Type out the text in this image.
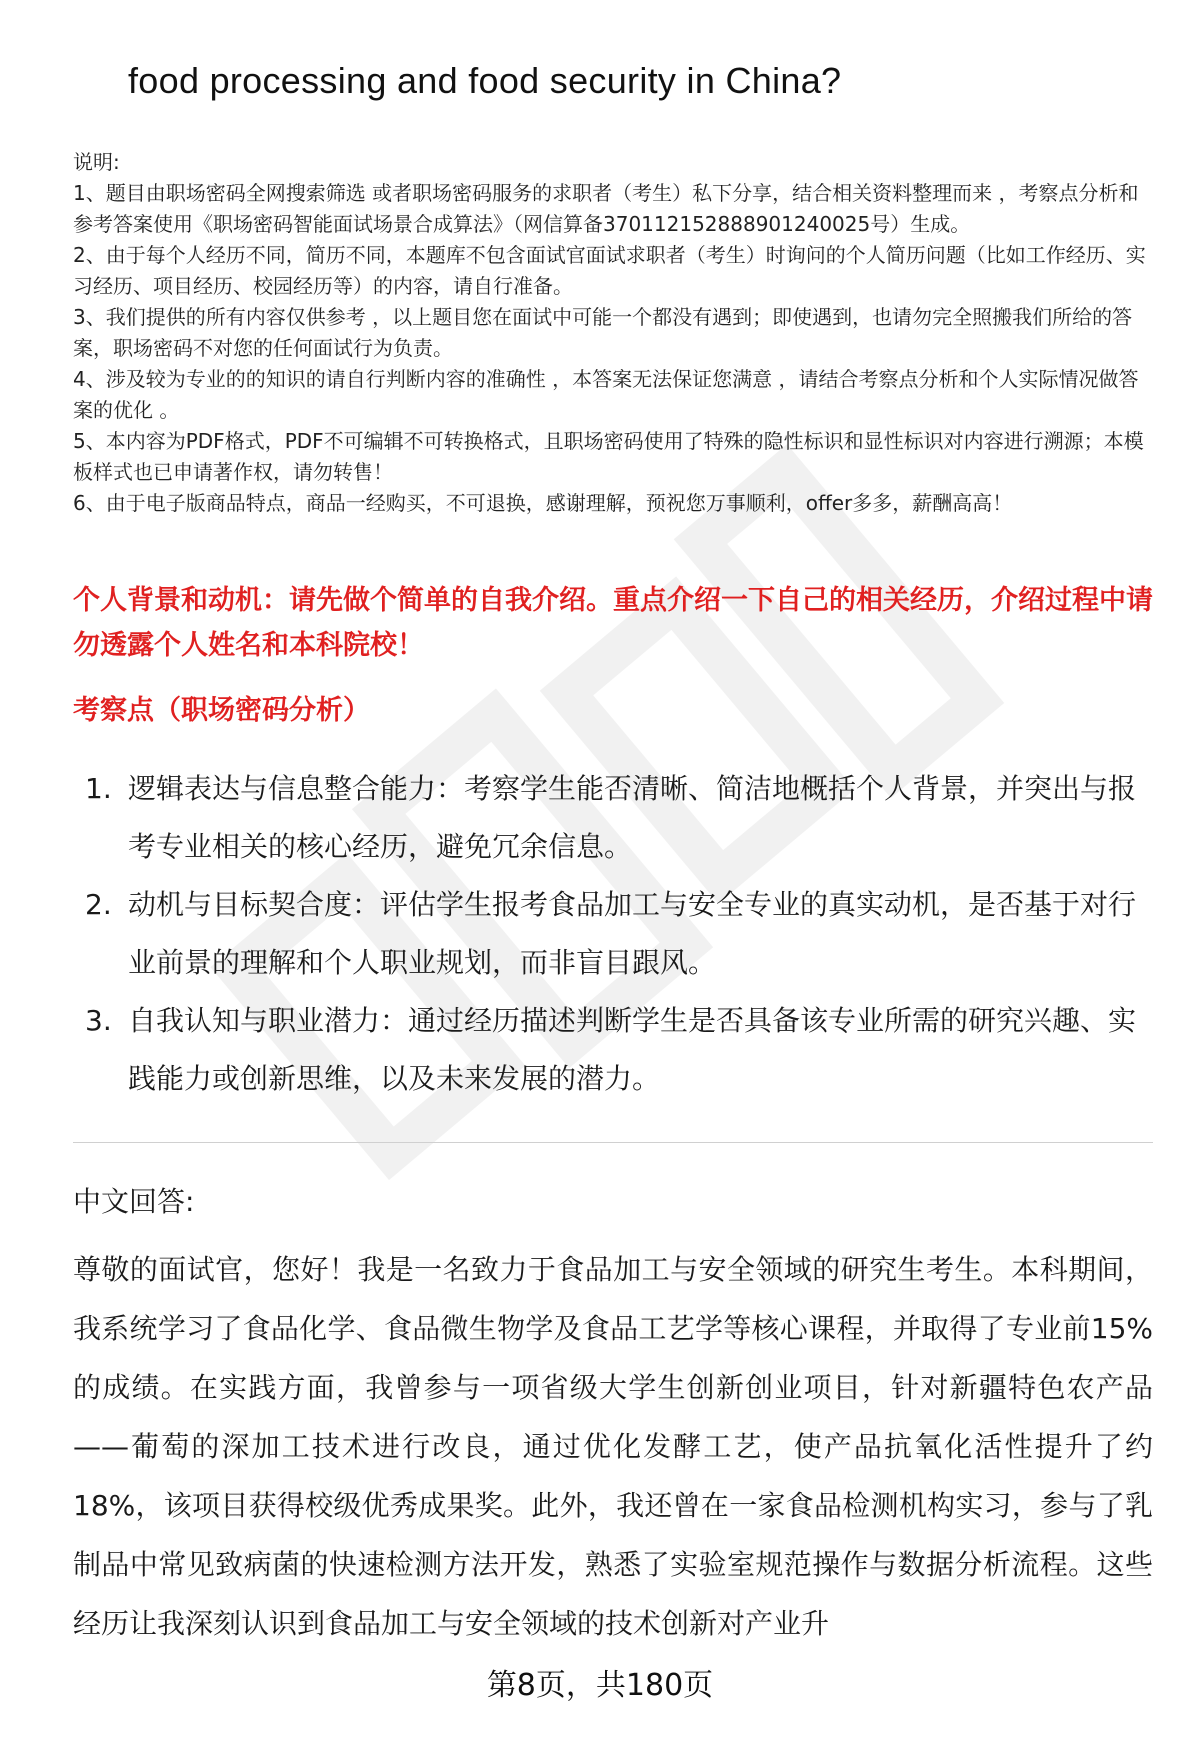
food processing and food security in China?

说明:

1、题目由职场密码全网搜索筛选 或者职场密码服务的求职者（考生）私下分享，结合相关资料整理而来 ，考察点分析和参考答案使用《职场密码智能面试场景合成算法》（网信算备370112152888901240025号）生成。

2、由于每个人经历不同，简历不同，本题库不包含面试官面试求职者（考生）时询问的个人简历问题（比如工作经历、实习经历、项目经历、校园经历等）的内容，请自行准备。

3、我们提供的所有内容仅供参考 ，以上题目您在面试中可能一个都没有遇到；即使遇到，也请勿完全照搬我们所给的答案，职场密码不对您的任何面试行为负责。

4、涉及较为专业的的知识的请自行判断内容的准确性 ，本答案无法保证您满意 ，请结合考察点分析和个人实际情况做答案的优化 。

5、本内容为PDF格式，PDF不可编辑不可转换格式，且职场密码使用了特殊的隐性标识和显性标识对内容进行溯源；本模板样式也已申请著作权，请勿转售！

6、由于电子版商品特点，商品一经购买，不可退换，感谢理解，预祝您万事顺利，offer多多，薪酬高高！

个人背景和动机：请先做个简单的自我介绍。重点介绍一下自己的相关经历，介绍过程中请勿透露个人姓名和本科院校！
考察点（职场密码分析）
1. 逻辑表达与信息整合能力：考察学生能否清晰、简洁地概括个人背景，并突出与报考专业相关的核心经历，避免冗余信息。
2. 动机与目标契合度：评估学生报考食品加工与安全专业的真实动机，是否基于对行业前景的理解和个人职业规划，而非盲目跟风。
3. 自我认知与职业潜力：通过经历描述判断学生是否具备该专业所需的研究兴趣、实践能力或创新思维，以及未来发展的潜力。
中文回答:
尊敬的面试官，您好！我是一名致力于食品加工与安全领域的研究生考生。本科期间，我系统学习了食品化学、食品微生物学及食品工艺学等核心课程，并取得了专业前15%的成绩。在实践方面，我曾参与一项省级大学生创新创业项目，针对新疆特色农产品——葡萄的深加工技术进行改良，通过优化发酵工艺，使产品抗氧化活性提升了约18%，该项目获得校级优秀成果奖。此外，我还曾在一家食品检测机构实习，参与了乳制品中常见致病菌的快速检测方法开发，熟悉了实验室规范操作与数据分析流程。这些经历让我深刻认识到食品加工与安全领域的技术创新对产业升
第8页，共180页
